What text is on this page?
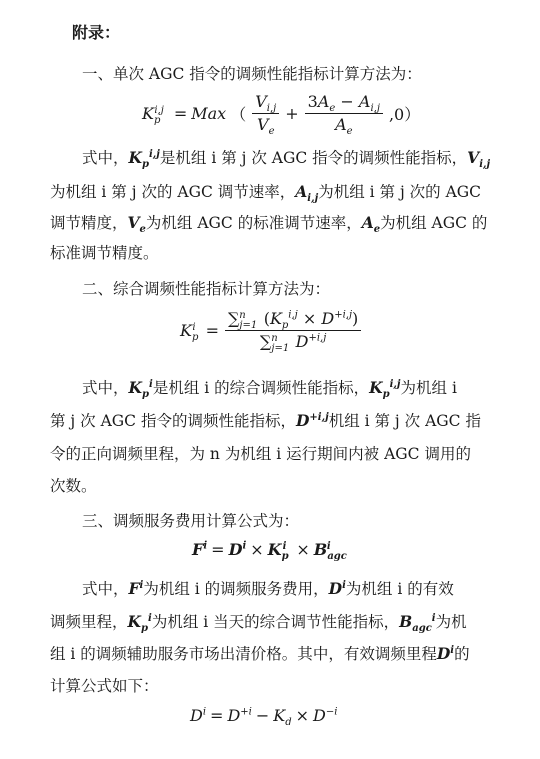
附录：
一、单次 AGC 指令的调频性能指标计算方法为：
$K_p^{i,j}$ = Max （ $\frac{V_{i,j}}{V_e} + \frac{3A_e - A_{i,j}}{A_e} ,0$）
式中，$K_p^{i,j}$是机组 i 第 j 次 AGC 指令的调频性能指标，$V_{i,j}$
为机组 i 第 j 次的 AGC 调节速率，$A_{i,j}$为机组 i 第 j 次的 AGC
调节精度，$V_e$为机组 AGC 的标准调节速率，$A_e$为机组 AGC 的
标准调节精度。
二、综合调频性能指标计算方法为：
$K_p^i = \frac{\sum_{j=1}^n (K_p^{i,j} \times D^{+i,j})}{\sum_{j=1}^n D^{+i,j}}$
式中，$K_p^i$是机组 i 的综合调频性能指标，$K_p^{i,j}$为机组 i
第 j 次 AGC 指令的调频性能指标，$D^{+i,j}$机组 i 第 j 次 AGC 指
令的正向调频里程，为 n 为机组 i 运行期间内被 AGC 调用的
次数。
三、调频服务费用计算公式为：
$F^i = D^i \times K_p^i \times B_{agc}^i$
式中，$F^i$为机组 i 的调频服务费用，$D^i$为机组 i 的有效
调频里程，$K_p^i$为机组 i 当天的综合调节性能指标，$B_{agc}^i$为机
组 i 的调频辅助服务市场出清价格。其中，有效调频里程$D^i$的
计算公式如下：
$D^i = D^{+i} - K_d \times D^{-i}$
